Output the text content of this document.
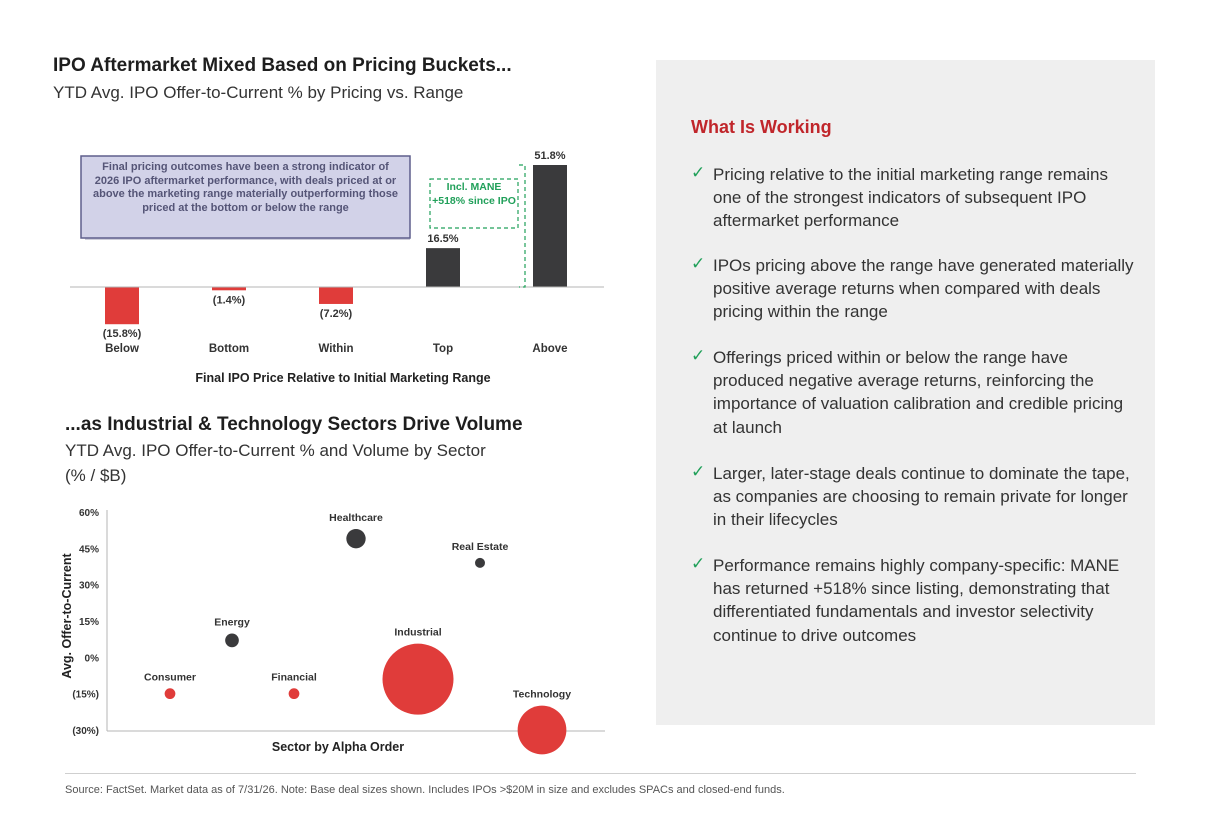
IPO Aftermarket Mixed Based on Pricing Buckets...
YTD Avg. IPO Offer-to-Current % by Pricing vs. Range
(15.8%)
(1.4%)
(7.2%)
16.5%
51.8%
Below	Bottom	Within	Top	Above
Final IPO Price Relative to Initial Marketing Range
Final pricing outcomes have been a strong indicator of 2026 IPO aftermarket performance, with deals priced at or above the marketing range materially outperforming those priced at the bottom or below the range
Incl. MANE +518% since IPO
...as Industrial & Technology Sectors Drive Volume
YTD Avg. IPO Offer-to-Current % and Volume by Sector
(% / $B)
60%
45%
30%
15%
0%
(15%)
(30%)
Consumer
Energy
Financial
Healthcare
Industrial
Real Estate
Technology
Sector by Alpha Order
Avg. Offer-to-Current
What Is Working
✓ Pricing relative to the initial marketing range remains one of the strongest indicators of subsequent IPO aftermarket performance
✓ IPOs pricing above the range have generated materially positive average returns when compared with deals pricing within the range
✓ Offerings priced within or below the range have produced negative average returns, reinforcing the importance of valuation calibration and credible pricing at launch
✓ Larger, later-stage deals continue to dominate the tape, as companies are choosing to remain private for longer in their lifecycles
✓ Performance remains highly company-specific: MANE has returned +518% since listing, demonstrating that differentiated fundamentals and investor selectivity continue to drive outcomes
Source: FactSet. Market data as of 7/31/26. Note: Base deal sizes shown. Includes IPOs >$20M in size and excludes SPACs and closed-end funds.
